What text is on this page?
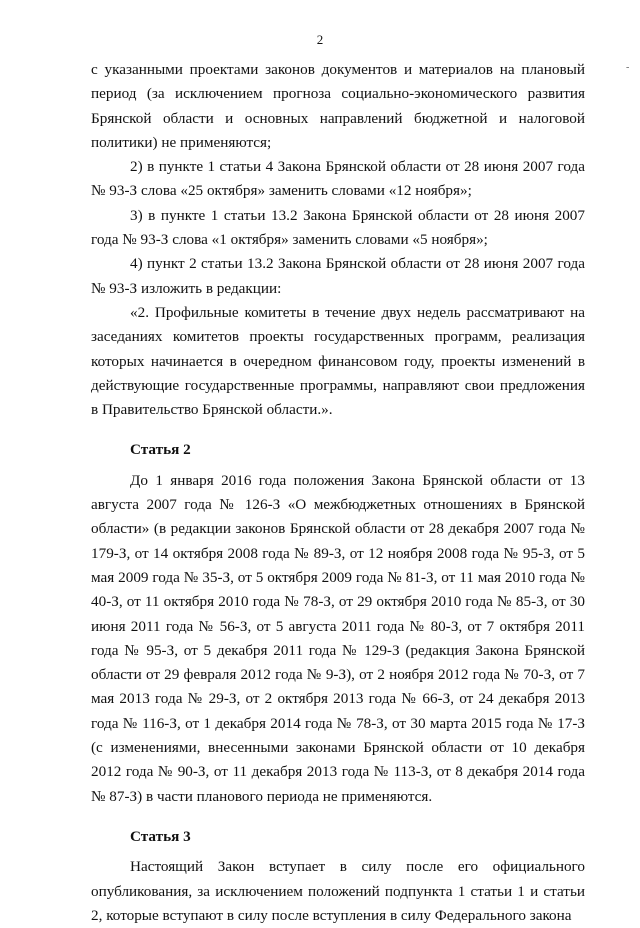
2
-

с указанными проектами законов документов и материалов на плановый период (за исключением прогноза социально-экономического развития Брянской области и основных направлений бюджетной и налоговой политики) не применяются;

2) в пункте 1 статьи 4 Закона Брянской области от 28 июня 2007 года № 93-З слова «25 октября» заменить словами «12 ноября»;

3) в пункте 1 статьи 13.2 Закона Брянской области от 28 июня 2007 года № 93-З слова «1 октября» заменить словами «5 ноября»;

4) пункт 2 статьи 13.2 Закона Брянской области от 28 июня 2007 года № 93-З изложить в редакции:

«2. Профильные комитеты в течение двух недель рассматривают на заседаниях комитетов проекты государственных программ, реализация которых начинается в очередном финансовом году, проекты изменений в действующие государственные программы, направляют свои предложения в Правительство Брянской области.».

Статья 2

До 1 января 2016 года положения Закона Брянской области от 13 августа 2007 года № 126-З «О межбюджетных отношениях в Брянской области» (в редакции законов Брянской области от 28 декабря 2007 года № 179-З, от 14 октября 2008 года № 89-З, от 12 ноября 2008 года № 95-З, от 5 мая 2009 года № 35-З, от 5 октября 2009 года № 81-З, от 11 мая 2010 года № 40-З, от 11 октября 2010 года № 78-З, от 29 октября 2010 года № 85-З, от 30 июня 2011 года № 56-З, от 5 августа 2011 года № 80-З, от 7 октября 2011 года № 95-З, от 5 декабря 2011 года № 129-З (редакция Закона Брянской области от 29 февраля 2012 года № 9-З), от 2 ноября 2012 года № 70-З, от 7 мая 2013 года № 29-З, от 2 октября 2013 года № 66-З, от 24 декабря 2013 года № 116-З, от 1 декабря 2014 года № 78-З, от 30 марта 2015 года № 17-З (с изменениями, внесенными законами Брянской области от 10 декабря 2012 года № 90-З, от 11 декабря 2013 года № 113-З, от 8 декабря 2014 года № 87-З) в части планового периода не применяются.

Статья 3

Настоящий Закон вступает в силу после его официального опубликования, за исключением положений подпункта 1 статьи 1 и статьи 2, которые вступают в силу после вступления в силу Федерального закона
